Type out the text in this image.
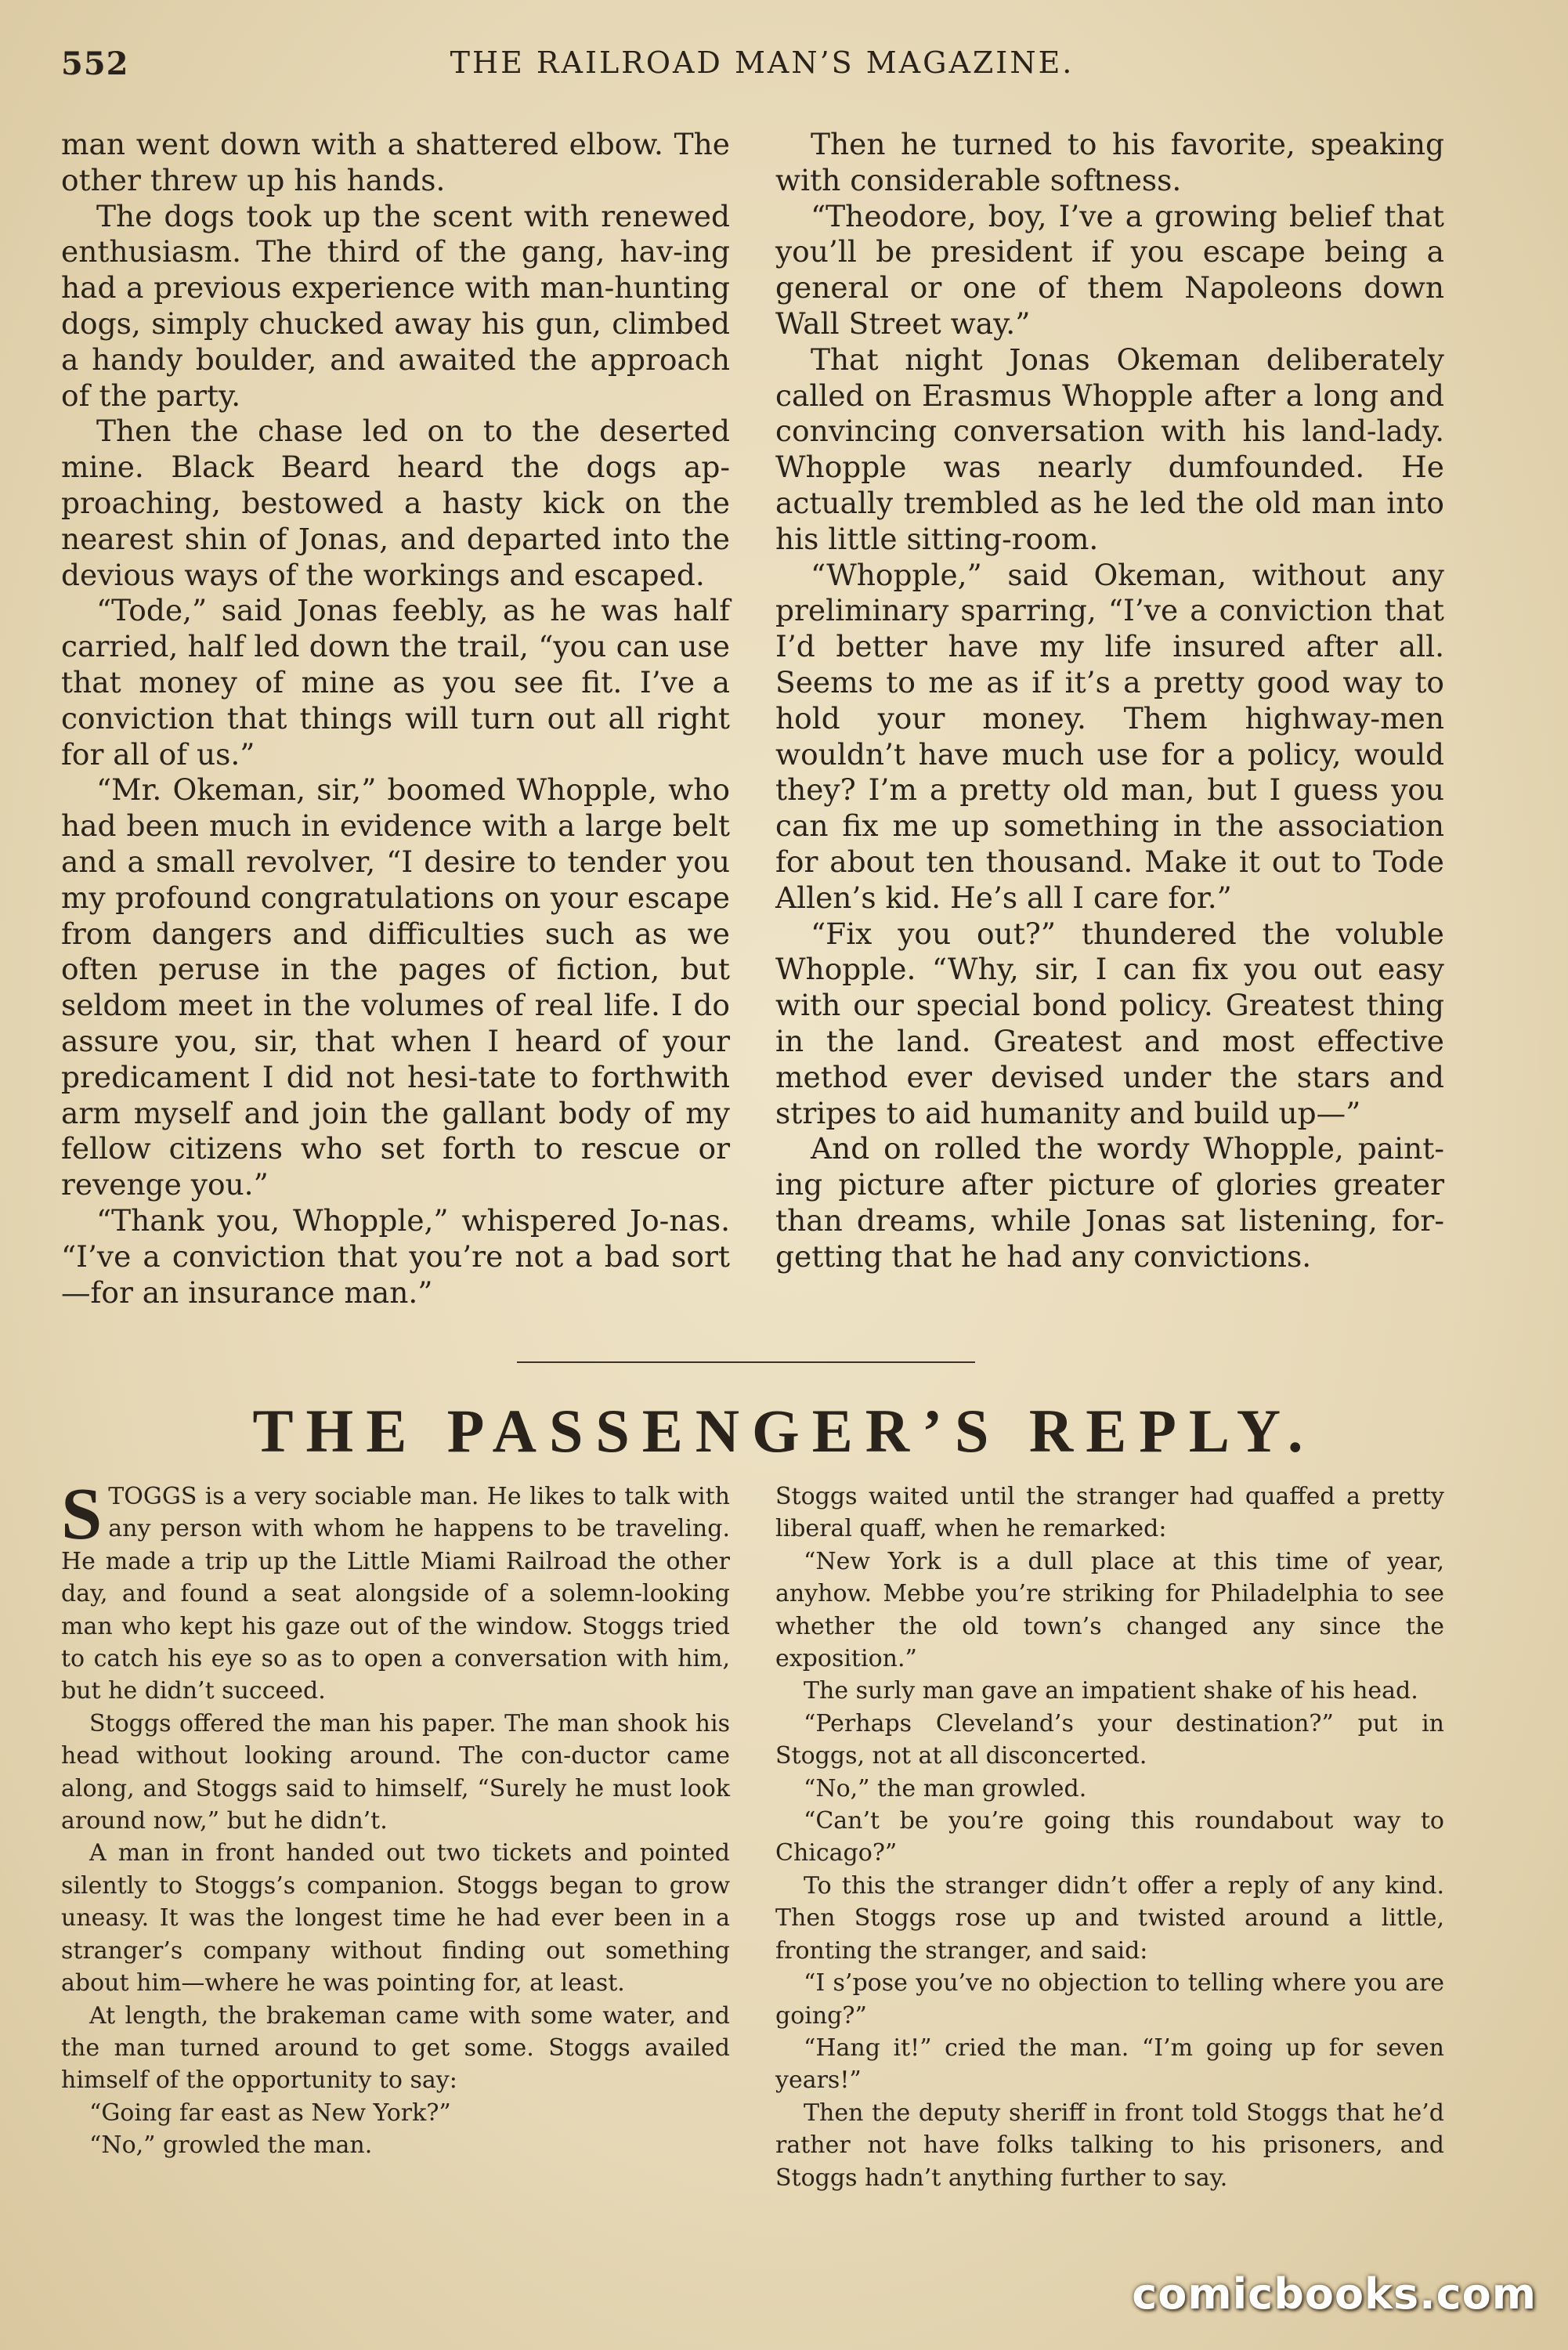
552	THE RAILROAD MAN’S MAGAZINE.

man went down with a shattered elbow. The other threw up his hands.

The dogs took up the scent with renewed enthusiasm. The third of the gang, hav-ing had a previous experience with man-hunting dogs, simply chucked away his gun, climbed a handy boulder, and awaited the approach of the party.

Then the chase led on to the deserted mine. Black Beard heard the dogs ap-proaching, bestowed a hasty kick on the nearest shin of Jonas, and departed into the devious ways of the workings and escaped.

“Tode,” said Jonas feebly, as he was half carried, half led down the trail, “you can use that money of mine as you see fit. I’ve a conviction that things will turn out all right for all of us.”

“Mr. Okeman, sir,” boomed Whopple, who had been much in evidence with a large belt and a small revolver, “I desire to tender you my profound congratulations on your escape from dangers and difficulties such as we often peruse in the pages of fiction, but seldom meet in the volumes of real life. I do assure you, sir, that when I heard of your predicament I did not hesi-tate to forthwith arm myself and join the gallant body of my fellow citizens who set forth to rescue or revenge you.”

“Thank you, Whopple,” whispered Jo-nas. “I’ve a conviction that you’re not a bad sort—for an insurance man.”

Then he turned to his favorite, speaking with considerable softness.

“Theodore, boy, I’ve a growing belief that you’ll be president if you escape being a general or one of them Napoleons down Wall Street way.”

That night Jonas Okeman deliberately called on Erasmus Whopple after a long and convincing conversation with his land-lady. Whopple was nearly dumfounded. He actually trembled as he led the old man into his little sitting-room.

“Whopple,” said Okeman, without any preliminary sparring, “I’ve a conviction that I’d better have my life insured after all. Seems to me as if it’s a pretty good way to hold your money. Them highway-men wouldn’t have much use for a policy, would they? I’m a pretty old man, but I guess you can fix me up something in the association for about ten thousand. Make it out to Tode Allen’s kid. He’s all I care for.”

“Fix you out?” thundered the voluble Whopple. “Why, sir, I can fix you out easy with our special bond policy. Greatest thing in the land. Greatest and most effective method ever devised under the stars and stripes to aid humanity and build up—”

And on rolled the wordy Whopple, paint-ing picture after picture of glories greater than dreams, while Jonas sat listening, for-getting that he had any convictions.

THE PASSENGER’S REPLY.

STOGGS is a very sociable man. He likes to talk with any person with whom he happens to be traveling. He made a trip up the Little Miami Railroad the other day, and found a seat alongside of a solemn-looking man who kept his gaze out of the window. Stoggs tried to catch his eye so as to open a conversation with him, but he didn’t succeed.

Stoggs offered the man his paper. The man shook his head without looking around. The con-ductor came along, and Stoggs said to himself, “Surely he must look around now,” but he didn’t.

A man in front handed out two tickets and pointed silently to Stoggs’s companion. Stoggs began to grow uneasy. It was the longest time he had ever been in a stranger’s company without finding out something about him—where he was pointing for, at least.

At length, the brakeman came with some water, and the man turned around to get some. Stoggs availed himself of the opportunity to say:

“Going far east as New York?”

“No,” growled the man.

Stoggs waited until the stranger had quaffed a pretty liberal quaff, when he remarked:

“New York is a dull place at this time of year, anyhow. Mebbe you’re striking for Philadelphia to see whether the old town’s changed any since the exposition.”

The surly man gave an impatient shake of his head.

“Perhaps Cleveland’s your destination?” put in Stoggs, not at all disconcerted.

“No,” the man growled.

“Can’t be you’re going this roundabout way to Chicago?”

To this the stranger didn’t offer a reply of any kind. Then Stoggs rose up and twisted around a little, fronting the stranger, and said:

“I s’pose you’ve no objection to telling where you are going?”

“Hang it!” cried the man. “I’m going up for seven years!”

Then the deputy sheriff in front told Stoggs that he’d rather not have folks talking to his prisoners, and Stoggs hadn’t anything further to say.

comicbooks.com
